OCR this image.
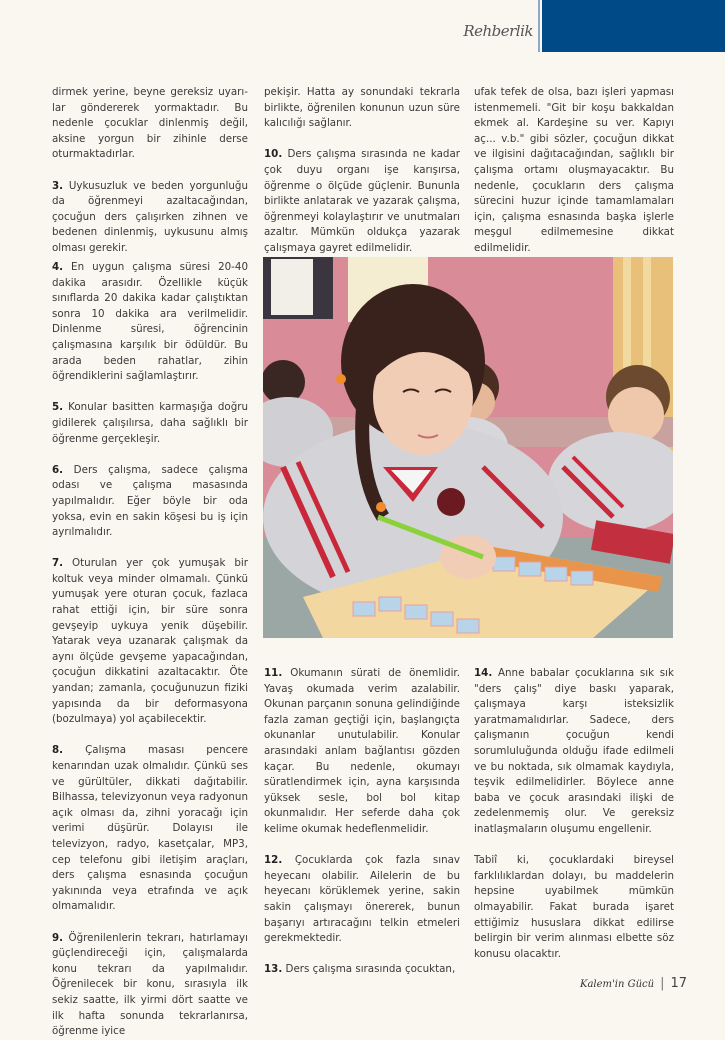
Rehberlik

dirmek yerine, beyne gereksiz uyarı-lar göndererek yormaktadır. Bu nedenle çocuklar dinlenmiş değil, aksine yorgun bir zihinle derse oturmaktadırlar.

3. Uykusuzluk ve beden yorgunluğu da öğrenmeyi azaltacağından, çocuğun ders çalışırken zihnen ve bedenen dinlenmiş, uykusunu almış olması gerekir.

4. En uygun çalışma süresi 20-40 dakika arasıdır. Özellikle küçük sınıflarda 20 dakika kadar çalıştıktan sonra 10 dakika ara verilmelidir. Dinlenme süresi, öğrencinin çalışmasına karşılık bir ödüldür. Bu arada beden rahatlar, zihin öğrendiklerini sağlamlaştırır.

5. Konular basitten karmaşığa doğru gidilerek çalışılırsa, daha sağlıklı bir öğrenme gerçekleşir.

6. Ders çalışma, sadece çalışma odası ve çalışma masasında yapılmalıdır. Eğer böyle bir oda yoksa, evin en sakin köşesi bu iş için ayrılmalıdır.

7. Oturulan yer çok yumuşak bir koltuk veya minder olmamalı. Çünkü yumuşak yere oturan çocuk, fazlaca rahat ettiği için, bir süre sonra gevşeyip uykuya yenik düşebilir. Yatarak veya uzanarak çalışmak da aynı ölçüde gevşeme yapacağından, çocuğun dikkatini azaltacaktır. Öte yandan; zamanla, çocuğunuzun fiziki yapısında da bir deformasyona (bozulmaya) yol açabilecektir.

8. Çalışma masası pencere kenarından uzak olmalıdır. Çünkü ses ve gürültüler, dikkati dağıtabilir. Bilhassa, televizyonun veya radyonun açık olması da, zihni yoracağı için verimi düşürür. Dolayısı ile televizyon, radyo, kasetçalar, MP3, cep telefonu gibi iletişim araçları, ders çalışma esnasında çocuğun yakınında veya etrafında ve açık olmamalıdır.

9. Öğrenilenlerin tekrarı, hatırlamayı güçlendireceği için, çalışmalarda konu tekrarı da yapılmalıdır. Öğrenilecek bir konu, sırasıyla ilk sekiz saatte, ilk yirmi dört saatte ve ilk hafta sonunda tekrarlanırsa, öğrenme iyice

pekişir. Hatta ay sonundaki tekrarla birlikte, öğrenilen konunun uzun süre kalıcılığı sağlanır.

10. Ders çalışma sırasında ne kadar çok duyu organı işe karışırsa, öğrenme o ölçüde güçlenir. Bununla birlikte anlatarak ve yazarak çalışma, öğrenmeyi kolaylaştırır ve unutmaları azaltır. Mümkün oldukça yazarak çalışmaya gayret edilmelidir.

ufak tefek de olsa, bazı işleri yapması istenmemeli. "Git bir koşu bakkaldan ekmek al. Kardeşine su ver. Kapıyı aç... v.b." gibi sözler, çocuğun dikkat ve ilgisini dağıtacağından, sağlıklı bir çalışma ortamı oluşmayacaktır. Bu nedenle, çocukların ders çalışma sürecini huzur içinde tamamlamaları için, çalışma esnasında başka işlerle meşgul edilmemesine dikkat edilmelidir.

11. Okumanın sürati de önemlidir. Yavaş okumada verim azalabilir. Okunan parçanın sonuna gelindiğinde fazla zaman geçtiği için, başlangıçta okunanlar unutulabilir. Konular arasındaki anlam bağlantısı gözden kaçar. Bu nedenle, okumayı süratlendirmek için, ayna karşısında yüksek sesle, bol bol kitap okunmalıdır. Her seferde daha çok kelime okumak hedeflenmelidir.

12. Çocuklarda çok fazla sınav heyecanı olabilir. Ailelerin de bu heyecanı körüklemek yerine, sakin sakin çalışmayı önererek, bunun başarıyı artıracağını telkin etmeleri gerekmektedir.

13. Ders çalışma sırasında çocuktan,

14. Anne babalar çocuklarına sık sık "ders çalış" diye baskı yaparak, çalışmaya karşı isteksizlik yaratmamalıdırlar. Sadece, ders çalışmanın çocuğun kendi sorumluluğunda olduğu ifade edilmeli ve bu noktada, sık olmamak kaydıyla, teşvik edilmelidirler. Böylece anne baba ve çocuk arasındaki ilişki de zedelenmemiş olur. Ve gereksiz inatlaşmaların oluşumu engellenir.

Tabiî ki, çocuklardaki bireysel farklılıklardan dolayı, bu maddelerin hepsine uyabilmek mümkün olmayabilir. Fakat burada işaret ettiğimiz hususlara dikkat edilirse belirgin bir verim alınması elbette söz konusu olacaktır.

Kalem'in Gücü | 17
